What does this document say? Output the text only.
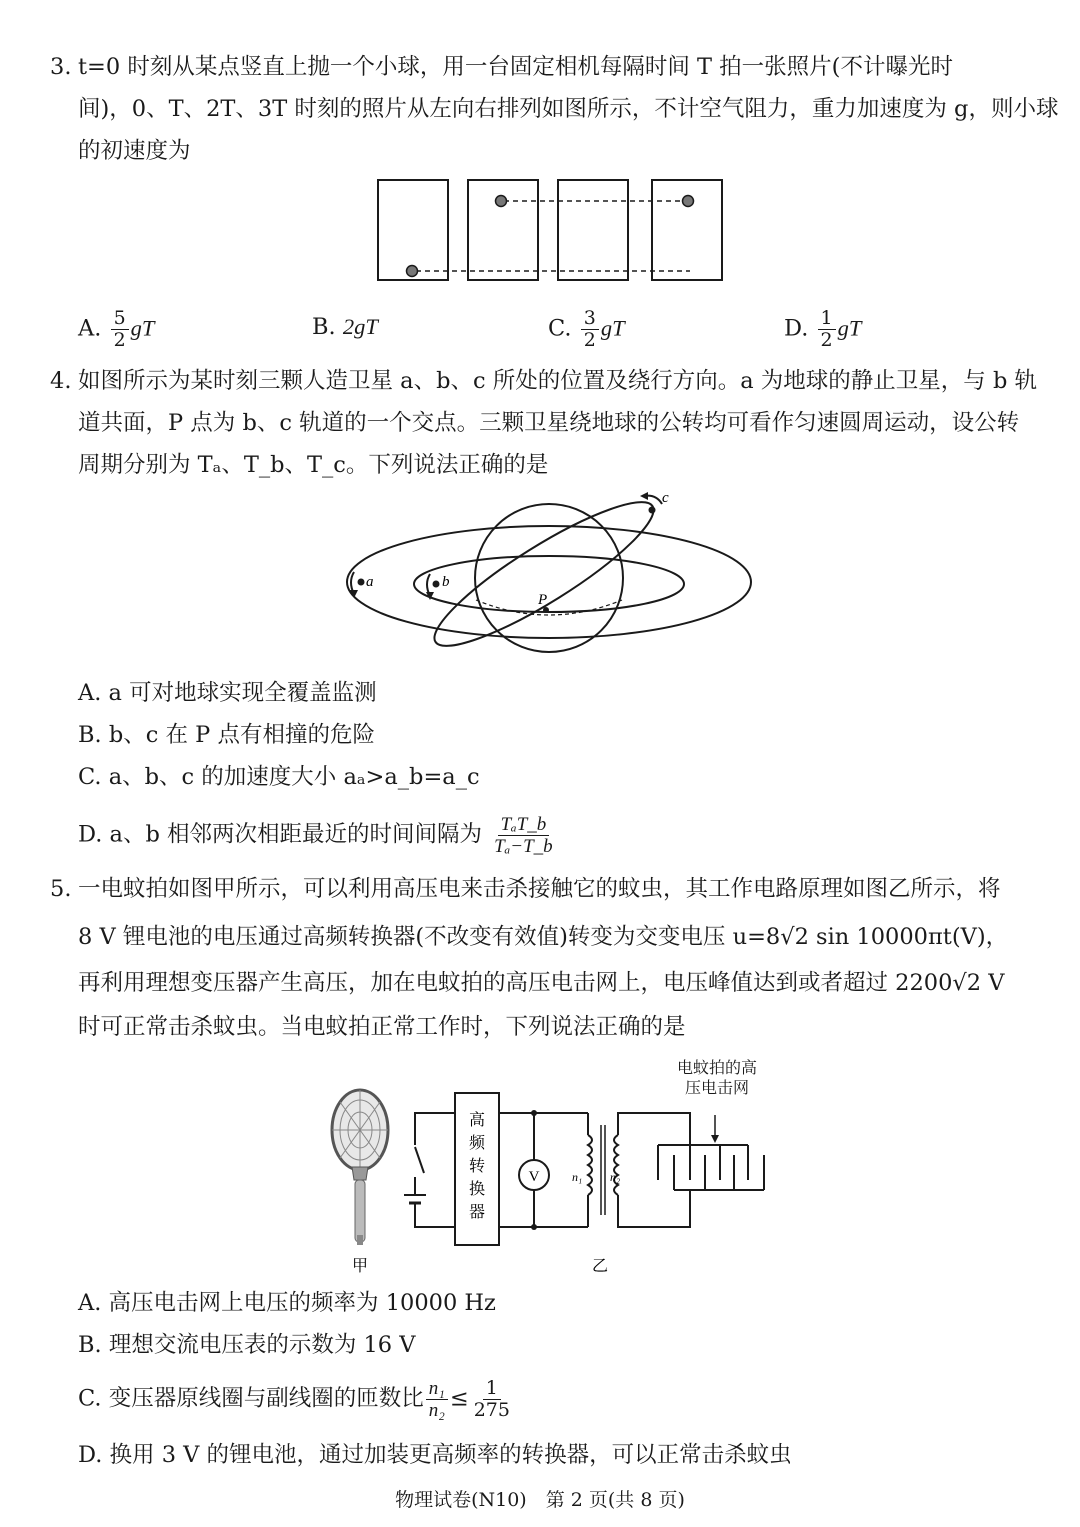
3. t=0 时刻从某点竖直上抛一个小球，用一台固定相机每隔时间 T 拍一张照片(不计曝光时
间)，0、T、2T、3T 时刻的照片从左向右排列如图所示，不计空气阻力，重力加速度为 g，则小球
的初速度为
A. $\frac{5}{2}$ gT	B. 2gT	C. $\frac{3}{2}$ gT	D. $\frac{1}{2}$ gT
4. 如图所示为某时刻三颗人造卫星 a、b、c 所处的位置及绕行方向。a 为地球的静止卫星，与 b 轨
道共面，P 点为 b、c 轨道的一个交点。三颗卫星绕地球的公转均可看作匀速圆周运动，设公转
周期分别为 Tₐ、T_b、T_c。下列说法正确的是
a	b
c
P
A. a 可对地球实现全覆盖监测
B. b、c 在 P 点有相撞的危险
C. a、b、c 的加速度大小 aₐ>a_b=a_c
D. a、b 相邻两次相距最近的时间间隔为 $\frac{\text{TₐT\_b}}{\text{Tₐ−T\_b}}$
5. 一电蚊拍如图甲所示，可以利用高压电来击杀接触它的蚊虫，其工作电路原理如图乙所示，将
8 V 锂电池的电压通过高频转换器(不改变有效值)转变为交变电压 u=8√2 sin 10000πt(V)，
再利用理想变压器产生高压，加在电蚊拍的高压电击网上，电压峰值达到或者超过 2200√2 V
时可正常击杀蚊虫。当电蚊拍正常工作时，下列说法正确的是
电蚊拍的高
压电击网
高
频
转
换
器
V	n₁ n₂
甲	乙
A. 高压电击网上电压的频率为 10000 Hz
B. 理想交流电压表的示数为 16 V
C. 变压器原线圈与副线圈的匝数比 $\frac{\text{n₁}}{\text{n₂}} \le \frac{1}{275}$
D. 换用 3 V 的锂电池，通过加装更高频率的转换器，可以正常击杀蚊虫
物理试卷(N10)　第 2 页(共 8 页)
